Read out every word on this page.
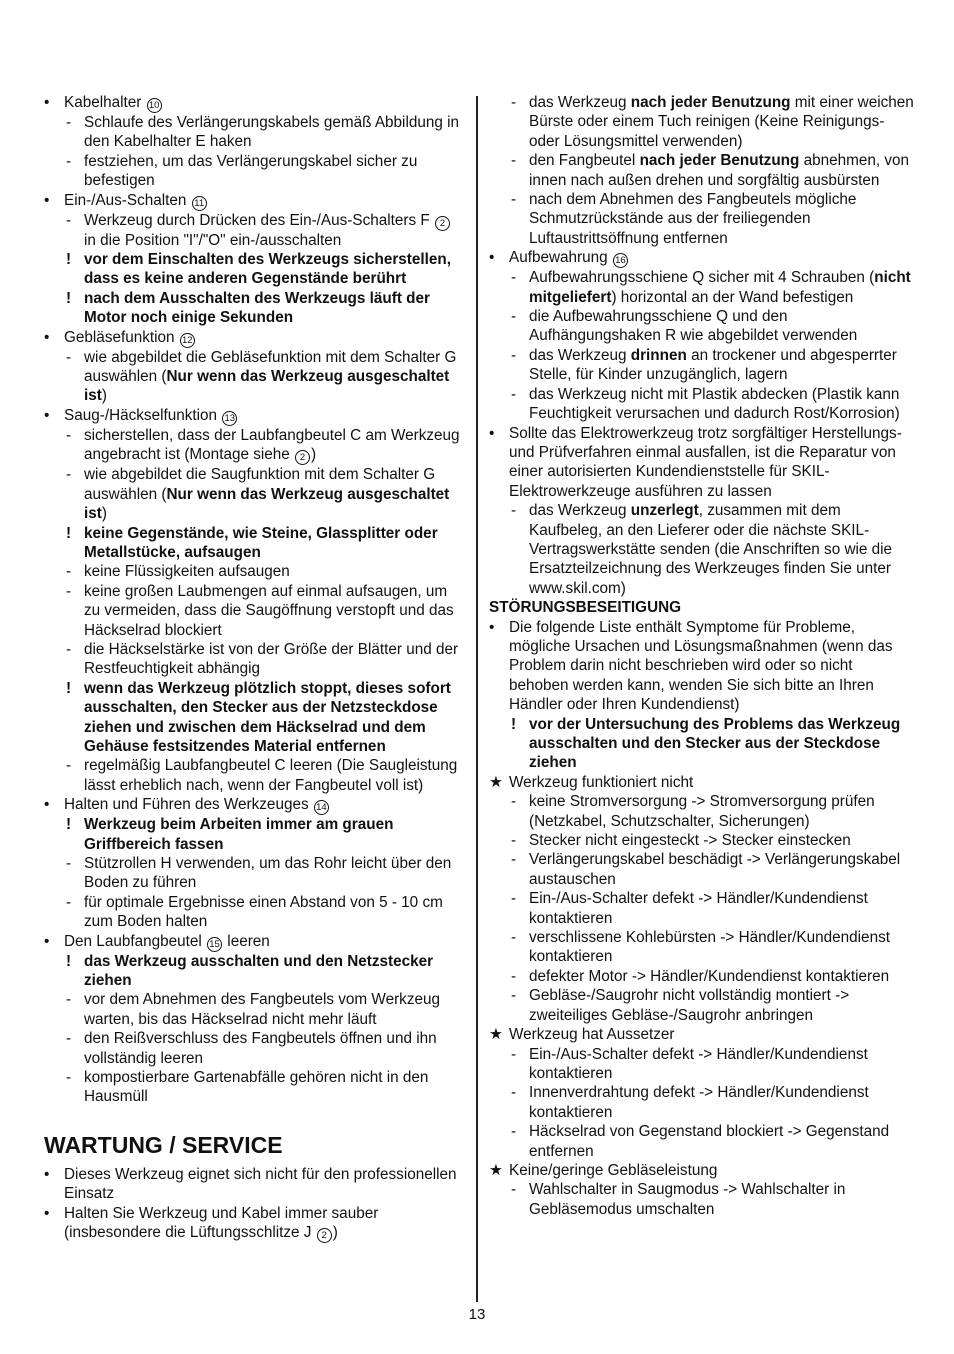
• Kabelhalter 10
- Schlaufe des Verlängerungskabels gemäß Abbildung in den Kabelhalter E haken
- festziehen, um das Verlängerungskabel sicher zu befestigen
• Ein-/Aus-Schalten 11
- Werkzeug durch Drücken des Ein-/Aus-Schalters F 2 in die Position "I"/"O" ein-/ausschalten
! vor dem Einschalten des Werkzeugs sicherstellen, dass es keine anderen Gegenstände berührt
! nach dem Ausschalten des Werkzeugs läuft der Motor noch einige Sekunden
• Gebläsefunktion 12
- wie abgebildet die Gebläsefunktion mit dem Schalter G auswählen (Nur wenn das Werkzeug ausgeschaltet ist)
• Saug-/Häckselfunktion 13
- sicherstellen, dass der Laubfangbeutel C am Werkzeug angebracht ist (Montage siehe 2 )
- wie abgebildet die Saugfunktion mit dem Schalter G auswählen (Nur wenn das Werkzeug ausgeschaltet ist)
! keine Gegenstände, wie Steine, Glassplitter oder Metallstücke, aufsaugen
- keine Flüssigkeiten aufsaugen
- keine großen Laubmengen auf einmal aufsaugen, um zu vermeiden, dass die Saugöffnung verstopft und das Häckselrad blockiert
- die Häckselstärke ist von der Größe der Blätter und der Restfeuchtigkeit abhängig
! wenn das Werkzeug plötzlich stoppt, dieses sofort ausschalten, den Stecker aus der Netzsteckdose ziehen und zwischen dem Häckselrad und dem Gehäuse festsitzendes Material entfernen
- regelmäßig Laubfangbeutel C leeren (Die Saugleistung lässt erheblich nach, wenn der Fangbeutel voll ist)
• Halten und Führen des Werkzeuges 14
! Werkzeug beim Arbeiten immer am grauen Griffbereich fassen
- Stützrollen H verwenden, um das Rohr leicht über den Boden zu führen
- für optimale Ergebnisse einen Abstand von 5 - 10 cm zum Boden halten
• Den Laubfangbeutel 15 leeren
! das Werkzeug ausschalten und den Netzstecker ziehen
- vor dem Abnehmen des Fangbeutels vom Werkzeug warten, bis das Häckselrad nicht mehr läuft
- den Reißverschluss des Fangbeutels öffnen und ihn vollständig leeren
- kompostierbare Gartenabfälle gehören nicht in den Hausmüll
WARTUNG / SERVICE
• Dieses Werkzeug eignet sich nicht für den professionellen Einsatz
• Halten Sie Werkzeug und Kabel immer sauber (insbesondere die Lüftungsschlitze J 2 )
- das Werkzeug nach jeder Benutzung mit einer weichen Bürste oder einem Tuch reinigen (Keine Reinigungs- oder Lösungsmittel verwenden)
- den Fangbeutel nach jeder Benutzung abnehmen, von innen nach außen drehen und sorgfältig ausbürsten
- nach dem Abnehmen des Fangbeutels mögliche Schmutzrückstände aus der freiliegenden Luftaustrittsöffnung entfernen
• Aufbewahrung 16
- Aufbewahrungsschiene Q sicher mit 4 Schrauben (nicht mitgeliefert) horizontal an der Wand befestigen
- die Aufbewahrungsschiene Q und den Aufhängungshaken R wie abgebildet verwenden
- das Werkzeug drinnen an trockener und abgesperrter Stelle, für Kinder unzugänglich, lagern
- das Werkzeug nicht mit Plastik abdecken (Plastik kann Feuchtigkeit verursachen und dadurch Rost/Korrosion)
• Sollte das Elektrowerkzeug trotz sorgfältiger Herstellungs- und Prüfverfahren einmal ausfallen, ist die Reparatur von einer autorisierten Kundendienststelle für SKIL-Elektrowerkzeuge ausführen zu lassen
- das Werkzeug unzerlegt, zusammen mit dem Kaufbeleg, an den Lieferer oder die nächste SKIL-Vertragswerkstätte senden (die Anschriften so wie die Ersatzteilzeichnung des Werkzeuges finden Sie unter www.skil.com)
STÖRUNGSBESEITIGUNG
• Die folgende Liste enthält Symptome für Probleme, mögliche Ursachen und Lösungsmaßnahmen (wenn das Problem darin nicht beschrieben wird oder so nicht behoben werden kann, wenden Sie sich bitte an Ihren Händler oder Ihren Kundendienst)
! vor der Untersuchung des Problems das Werkzeug ausschalten und den Stecker aus der Steckdose ziehen
★ Werkzeug funktioniert nicht
- keine Stromversorgung -> Stromversorgung prüfen (Netzkabel, Schutzschalter, Sicherungen)
- Stecker nicht eingesteckt -> Stecker einstecken
- Verlängerungskabel beschädigt -> Verlängerungskabel austauschen
- Ein-/Aus-Schalter defekt -> Händler/Kundendienst kontaktieren
- verschlissene Kohlebürsten -> Händler/Kundendienst kontaktieren
- defekter Motor -> Händler/Kundendienst kontaktieren
- Gebläse-/Saugrohr nicht vollständig montiert -> zweiteiliges Gebläse-/Saugrohr anbringen
★ Werkzeug hat Aussetzer
- Ein-/Aus-Schalter defekt -> Händler/Kundendienst kontaktieren
- Innenverdrahtung defekt -> Händler/Kundendienst kontaktieren
- Häckselrad von Gegenstand blockiert -> Gegenstand entfernen
★ Keine/geringe Gebläseleistung
- Wahlschalter in Saugmodus -> Wahlschalter in Gebläsemodus umschalten
13
